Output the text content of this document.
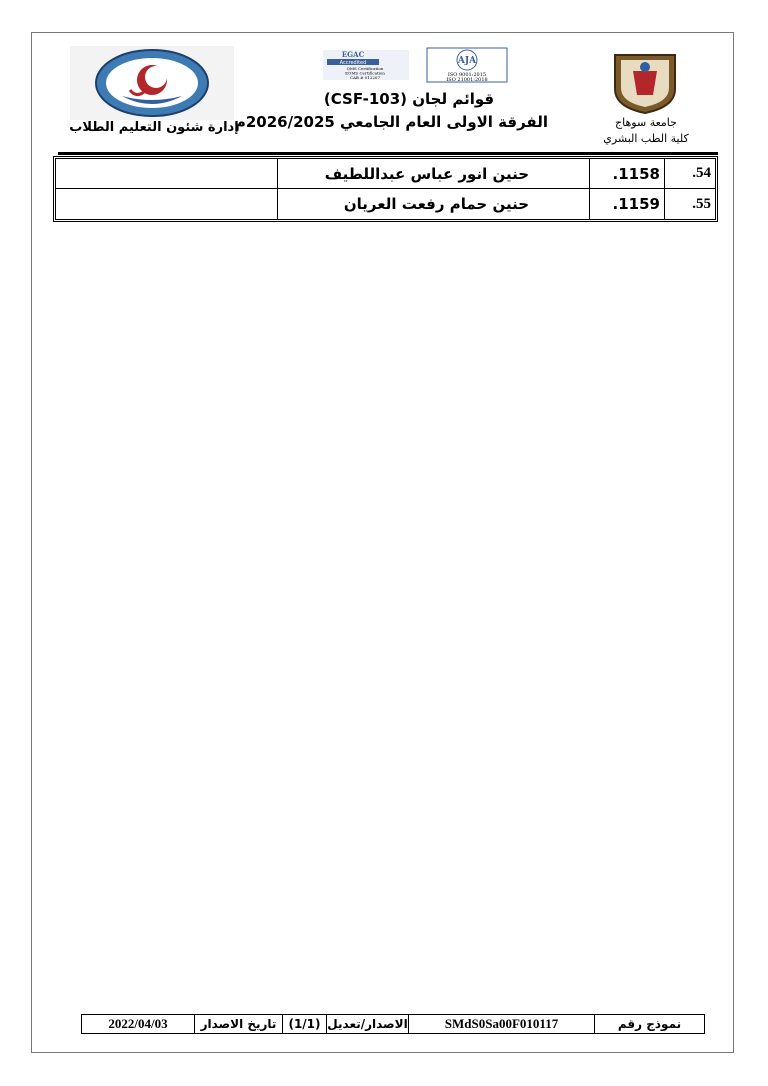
إدارة شئون التعليم الطلاب
EGAC
Accredited
QMS Certification
EOMS Certification
CAB # 012207
AJA
ISO 9001:2015
ISO 21001:2018
قوائم لجان (CSF-103)
الفرقة الاولى العام الجامعي 2026/2025م	جامعة سوهاج
كلية الطب البشري
54.
1158.
حنين انور عباس عبداللطيف
55.
1159.
حنين حمام رفعت العريان
نموذج رقم
SMdS0Sa00F010117
الاصدار/تعديل
(1/1)
تاريخ الاصدار
2022/04/03
